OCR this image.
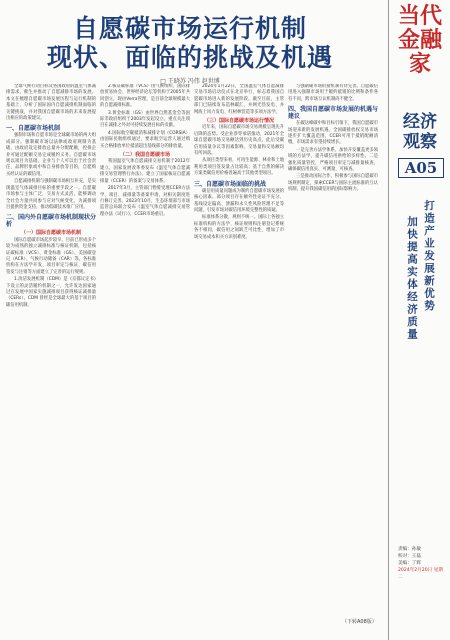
自愿碳市场运行机制
现状、面临的挑战及机遇
□ 王晓苏 冯伟 赵世博

全球气候行动目标及各国政府的温室气体减排需求，催生并推动了自愿减排市场的发展。本文在梳理自愿碳市场发展历程与运行机制的基础上，分析了国际国内自愿减排机制面临的关键挑战，并对我国自愿碳市场的未来发展提出相应的政策建议。

一、自愿碳市场机制

强制市场和自愿市场是全球碳市场的两大组成部分。强制碳市场以法律或政府规制为基础，由政府设定排放总量并分配配额，控排企业可通过配额交易完成履约义务。自愿碳市场则以项目为基础，企业与个人可以出于社会责任、品牌形象或中和自身排放等目的，自愿购买经认证的碳信用。

自愿减排机制与强制碳市场相互补充，是实现温室气体减排目标的重要手段之一。自愿碳市场参与主体广泛，交易方式灵活，能够调动全社会力量共同参与应对气候变化，为减排项目提供资金支持，推动低碳技术推广应用。

二、国内外自愿碳市场机制现状分析

（一）国际自愿碳市场机制

国际自愿碳市场起步较早，目前已形成多个较为成熟的独立减排标准与核证机制，包括核证碳标准（VCS）、黄金标准（GS）、美国碳登记（ACR）、气候行动储备（CAR）等。各标准机构在方法学开发、项目审定与核证、碳信用签发与注销等方面建立了完善的运行规则。

1.清洁发展机制（CDM）是《京都议定书》下设立的灵活履约机制之一，允许发达国家通过在发展中国家实施减排项目获得核证减排量（CERs）。CDM 曾经是全球最大的基于项目的碳信用机制。

2.核证碳标准（VCS）由气候组织、国际排放贸易协会、世界经济论坛等机构于2005年共同创立，现由Verra管理，是目前全球规模最大的自愿减排标准。

3.黄金标准（GS）由世界自然基金会等国际非政府组织于2003年发起设立，重点关注项目在减排之外对可持续发展目标的贡献。

4.国际航空碳抵消和减排计划（CORSIA）由国际民航组织通过，要求航空运营人通过购买合格排放单位抵消超出基线部分的排放量。

（二）我国自愿碳市场

我国温室气体自愿减排交易机制于2012年建立，国家发展改革委发布《温室气体自愿减排交易管理暂行办法》，建立了国家核证自愿减排量（CCER）的备案与交易体系。

2017年3月，主管部门暂缓受理CCER方法学、项目、减排量等备案申请，对相关制度进行修订完善。2023年10月，生态环境部与市场监管总局联合发布《温室气体自愿减排交易管理办法（试行）》，CCER市场重启。

2024年1月22日，全国温室气体自愿减排交易市场启动仪式在北京举行，标志着我国自愿碳市场进入新的发展阶段。截至目前，主管部门已陆续发布造林碳汇、并网光热发电、并网海上风力发电、红树林营造等多项方法学。

（三）国际自愿碳市场运行情况

近年来，国际自愿碳市场交易规模呈现先升后降的态势。受企业净零承诺推动，2021年全球自愿碳市场交易额达到历史高点，此后受碳信用质量争议等因素影响，交易量和交易额均有所回落。

从项目类型来看，可再生能源、林业和土地利用类项目签发量占比较高；基于自然的解决方案类碳信用价格普遍高于其他类型项目。

三、自愿碳市场面临的挑战

碳信用质量问题成为制约自愿碳市场发展的核心因素。部分项目存在额外性论证不充分、基线设定偏高、泄漏和永久性风险管理不足等问题，引发市场对碳信用环境完整性的质疑。

标准体系分散、规则不统一。国际上各独立标准机构的方法学、核证规则和注册登记系统各不相同，碳信用之间缺乏可比性，增加了市场交易成本和买方识别难度。

与强制碳市场衔接机制有待完善。自愿碳信用进入强制市场用于履约抵销的比例和条件各有不同，跨市场互认机制尚不健全。

四、我国自愿碳市场发展的机遇与建议

在碳达峰碳中和目标引领下，我国自愿碳市场迎来新的发展机遇。全国碳排放权交易市场逐步扩大覆盖范围，CCER可用于抵销配额清缴，市场需求有望持续增长。

一是完善方法学体系，加快开发覆盖更多领域的方法学，提升碳信用供给的多样性。二是强化质量管控，严格项目审定与减排量核查，确保碳信用真实、可测量、可核查。

三是推动国际合作，积极参与国际自愿碳市场规则制定，探索CCER与国际主流标准的互认机制，提升我国碳信用的国际影响力。

（下转A08版）
当代金融家
经济观察
A05
打造产业发展新优势
加快提高实体经济质量
责编：孙敏
校对：王磊
美编：丁辉
2024年2月20日 星期二
